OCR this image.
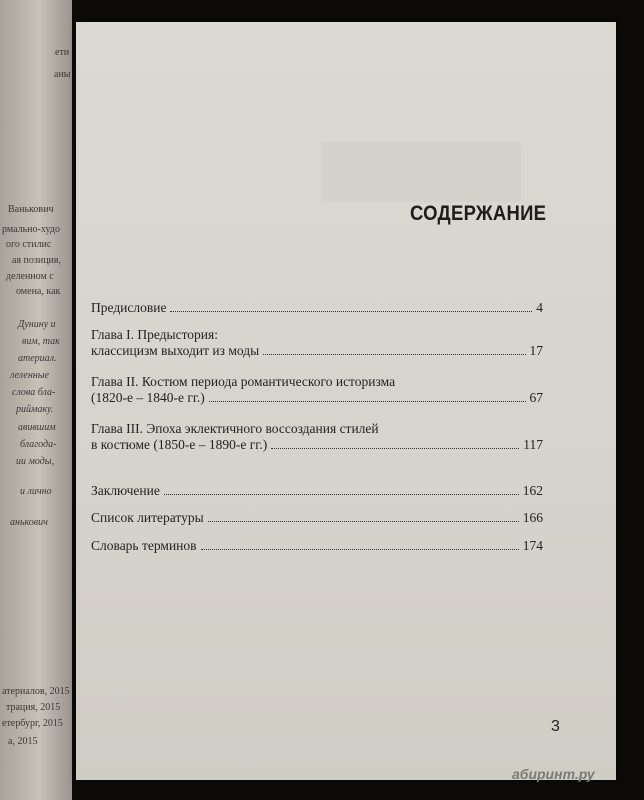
ети
аны
Ванькович
рмально-худо
ого стилис
ая позиция,
деленном с
омена, как
Дунину и
вим, так
атериал.
леленные
слова бла-
риймаку.
авившим
благода-
ии моды,
и лично
анькович
атериалов, 2015
трация, 2015
етербург, 2015
а, 2015
СОДЕРЖАНИЕ
Предисловие	4
Глава I. Предыстория:
классицизм выходит из моды	17
Глава II. Костюм периода романтического историзма
(1820-е – 1840-е гг.)	67
Глава III. Эпоха эклектичного воссоздания стилей
в костюме (1850-е – 1890-е гг.)	117
Заключение	162
Список литературы	166
Словарь терминов	174
3
абиринт.ру
